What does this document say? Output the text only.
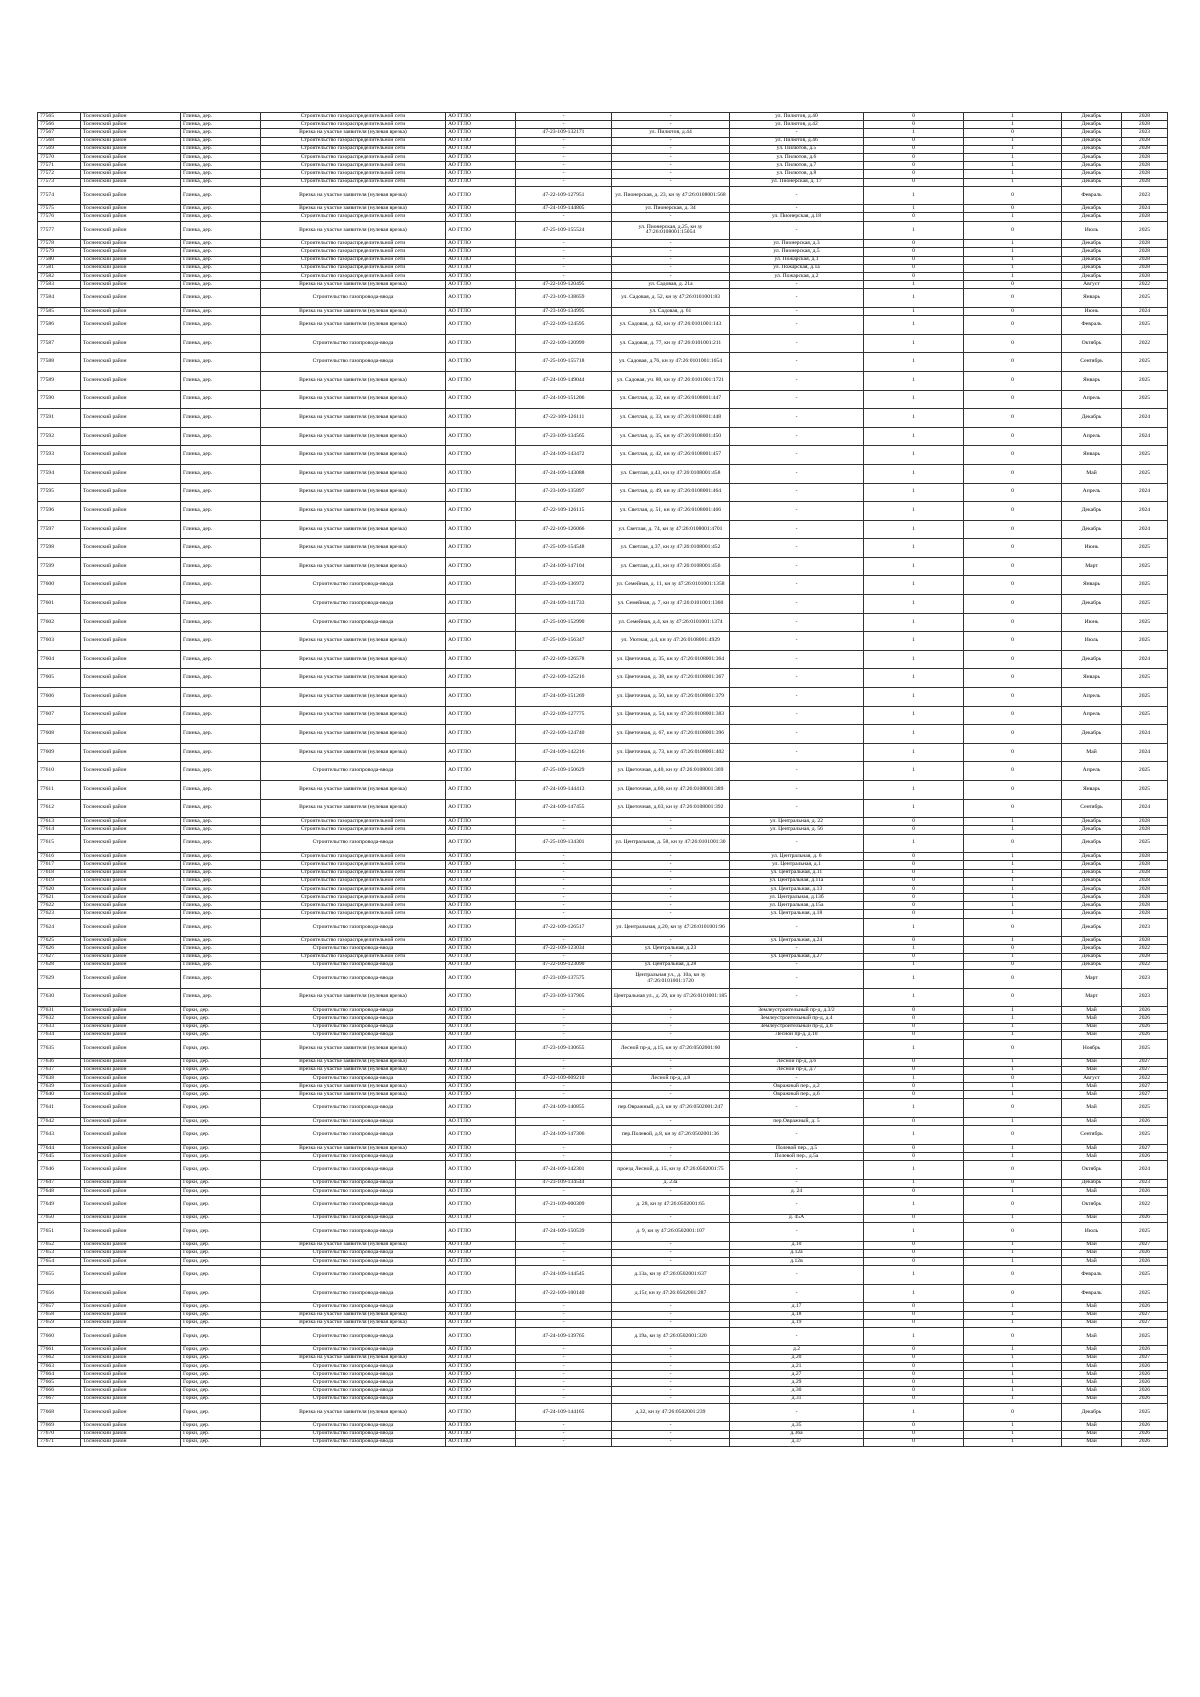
77565	Тосненский район	Глинка, дер.	Строительство газораспределительной сети	АО ГГЛО	-	-	ул. Пилютов, д.40	0	1	Декабрь	2028
77566	Тосненский район	Глинка, дер.	Строительство газораспределительной сети	АО ГГЛО	-	-	ул. Пилютов, д.42	0	1	Декабрь	2028
77567	Тосненский район	Глинка, дер.	Врезка на участке заявителя (нулевая врезка)	АО ГГЛО	47-23-109-132171	ул. Пилютов, д.44	-	1	0	Декабрь	2023
77568	Тосненский район	Глинка, дер.	Строительство газораспределительной сети	АО ГГЛО	-	-	ул. Пилютов, д.46	0	1	Декабрь	2028
77569	Тосненский район	Глинка, дер.	Строительство газораспределительной сети	АО ГГЛО	-	-	ул. Пилютов, д.5	0	1	Декабрь	2028
77570	Тосненский район	Глинка, дер.	Строительство газораспределительной сети	АО ГГЛО	-	-	ул. Пилютов, д.6	0	1	Декабрь	2028
77571	Тосненский район	Глинка, дер.	Строительство газораспределительной сети	АО ГГЛО	-	-	ул. Пилютов, д.7	0	1	Декабрь	2028
77572	Тосненский район	Глинка, дер.	Строительство газораспределительной сети	АО ГГЛО	-	-	ул. Пилютов, д.8	0	1	Декабрь	2028
77573	Тосненский район	Глинка, дер.	Строительство газораспределительной сети	АО ГГЛО	-	-	ул. Пионерская, д. 17	0	1	Декабрь	2028
77574	Тосненский район	Глинка, дер.	Врезка на участке заявителя (нулевая врезка)	АО ГГЛО	47-22-109-127951	ул. Пионерская, д. 23, кн зу 47:26:0108001:568	-	1	0	Февраль	2023
77575	Тосненский район	Глинка, дер.	Врезка на участке заявителя (нулевая врезка)	АО ГГЛО	47-24-109-144805	ул. Пионерская, д. 34	-	1	0	Декабрь	2024
77576	Тосненский район	Глинка, дер.	Строительство газораспределительной сети	АО ГГЛО	-	-	ул. Пионерская, д.18	0	1	Декабрь	2028
77577	Тосненский район	Глинка, дер.	Врезка на участке заявителя (нулевая врезка)	АО ГГЛО	47-25-109-155524	ул. Пионерская, д.25, кн зу 47:26:0108001:15054	-	1	0	Июль	2025
77578	Тосненский район	Глинка, дер.	Строительство газораспределительной сети	АО ГГЛО	-	-	ул. Пионерская, д.3	0	1	Декабрь	2028
77579	Тосненский район	Глинка, дер.	Строительство газораспределительной сети	АО ГГЛО	-	-	ул. Пионерская, д.5	0	1	Декабрь	2028
77580	Тосненский район	Глинка, дер.	Строительство газораспределительной сети	АО ГГЛО	-	-	ул. Пожарская, д.1	0	1	Декабрь	2028
77581	Тосненский район	Глинка, дер.	Строительство газораспределительной сети	АО ГГЛО	-	-	ул. Пожарская, д.1а	0	1	Декабрь	2028
77582	Тосненский район	Глинка, дер.	Строительство газораспределительной сети	АО ГГЛО	-	-	ул. Пожарская, д.2	0	1	Декабрь	2028
77583	Тосненский район	Глинка, дер.	Врезка на участке заявителя (нулевая врезка)	АО ГГЛО	47-22-109-120495	ул. Садовая, д. 21а	-	1	0	Август	2022
77584	Тосненский район	Глинка, дер.	Строительство газопровода-ввода	АО ГГЛО	47-23-109-138659	ул. Садовая, д. 52, кн зу 47:26:0101001:83	-	1	0	Январь	2025
77585	Тосненский район	Глинка, дер.	Врезка на участке заявителя (нулевая врезка)	АО ГГЛО	47-23-109-134995	ул. Садовая, д. 61	-	1	0	Июнь	2024
77586	Тосненский район	Глинка, дер.	Врезка на участке заявителя (нулевая врезка)	АО ГГЛО	47-22-109-124595	ул. Садовая, д. 62, кн зу 47:26:0101001:143	-	1	0	Февраль	2025
77587	Тосненский район	Глинка, дер.	Строительство газопровода-ввода	АО ГГЛО	47-22-109-120999	ул. Садовая, д. 77, кн зу 47:26:0101001:211	-	1	0	Октябрь	2022
77588	Тосненский район	Глинка, дер.	Строительство газопровода-ввода	АО ГГЛО	47-25-109-155718	ул. Садовая, д.76, кн зу 47:26:0101001:1654	-	1	0	Сентябрь	2025
77589	Тосненский район	Глинка, дер.	Врезка на участке заявителя (нулевая врезка)	АО ГГЛО	47-24-109-149044	ул. Садовая, уч. 80, кн зу 47:26:0101001:1721	-	1	0	Январь	2025
77590	Тосненский район	Глинка, дер.	Врезка на участке заявителя (нулевая врезка)	АО ГГЛО	47-24-109-151206	ул. Светлая, д. 32, кн зу 47:26:0108001:447	-	1	0	Апрель	2025
77591	Тосненский район	Глинка, дер.	Врезка на участке заявителя (нулевая врезка)	АО ГГЛО	47-22-109-126111	ул. Светлая, д. 33, кн зу 47:26:0108001:448	-	1	0	Декабрь	2024
77592	Тосненский район	Глинка, дер.	Врезка на участке заявителя (нулевая врезка)	АО ГГЛО	47-23-109-134565	ул. Светлая, д. 35, кн зу 47:26:0108001:450	-	1	0	Апрель	2024
77593	Тосненский район	Глинка, дер.	Врезка на участке заявителя (нулевая врезка)	АО ГГЛО	47-24-109-143472	ул. Светлая, д. 42, кн зу 47:26:0108001:457	-	1	0	Январь	2025
77594	Тосненский район	Глинка, дер.	Врезка на участке заявителя (нулевая врезка)	АО ГГЛО	47-24-109-143088	ул. Светлая, д.43, кн зу 47:26:0108001:458	-	1	0	Май	2025
77595	Тосненский район	Глинка, дер.	Врезка на участке заявителя (нулевая врезка)	АО ГГЛО	47-23-109-135897	ул. Светлая, д. 49, кн зу 47:26:0108001:464	-	1	0	Апрель	2024
77596	Тосненский район	Глинка, дер.	Врезка на участке заявителя (нулевая врезка)	АО ГГЛО	47-22-109-126115	ул. Светлая, д. 51, кн зу 47:26:0108001:466	-	1	0	Декабрь	2024
77597	Тосненский район	Глинка, дер.	Врезка на участке заявителя (нулевая врезка)	АО ГГЛО	47-22-109-126066	ул. Светлая, д. 74, кн зу 47:26:0108001:4701	-	1	0	Декабрь	2024
77598	Тосненский район	Глинка, дер.	Врезка на участке заявителя (нулевая врезка)	АО ГГЛО	47-25-109-154548	ул. Светлая, д.37, кн зу 47:26:0108001:452	-	1	0	Июнь	2025
77599	Тосненский район	Глинка, дер.	Врезка на участке заявителя (нулевая врезка)	АО ГГЛО	47-24-109-147104	ул. Светлая, д.41, кн зу 47:26:0108001:456	-	1	0	Март	2025
77600	Тосненский район	Глинка, дер.	Строительство газопровода-ввода	АО ГГЛО	47-23-109-136972	ул. Семейная, д. 11, кн зу 47:26:0101001:1358	-	1	0	Январь	2025
77601	Тосненский район	Глинка, дер.	Строительство газопровода-ввода	АО ГГЛО	47-24-109-141733	ул. Семейная, д. 7, кн зу 47:26:0101001:1360	-	1	0	Декабрь	2025
77602	Тосненский район	Глинка, дер.	Строительство газопровода-ввода	АО ГГЛО	47-25-109-152990	ул. Семейная, д.4, кн зу 47:26:0101001:1374	-	1	0	Июнь	2025
77603	Тосненский район	Глинка, дер.	Врезка на участке заявителя (нулевая врезка)	АО ГГЛО	47-25-109-156347	ул. Уютная, д.4, кн зу 47:26:0108001:4929	-	1	0	Июль	2025
77604	Тосненский район	Глинка, дер.	Врезка на участке заявителя (нулевая врезка)	АО ГГЛО	47-22-109-126578	ул. Цветочная, д. 35, кн зу 47:26:0108001:364	-	1	0	Декабрь	2024
77605	Тосненский район	Глинка, дер.	Врезка на участке заявителя (нулевая врезка)	АО ГГЛО	47-22-109-125216	ул. Цветочная, д. 38, кн зу 47:26:0108001:367	-	1	0	Январь	2025
77606	Тосненский район	Глинка, дер.	Врезка на участке заявителя (нулевая врезка)	АО ГГЛО	47-24-109-151269	ул. Цветочная, д. 50, кн зу 47:26:0108001:379	-	1	0	Апрель	2025
77607	Тосненский район	Глинка, дер.	Врезка на участке заявителя (нулевая врезка)	АО ГГЛО	47-22-109-127775	ул. Цветочная, д. 54, кн зу 47:26:0108001:383	-	1	0	Апрель	2025
77608	Тосненский район	Глинка, дер.	Врезка на участке заявителя (нулевая врезка)	АО ГГЛО	47-22-109-124740	ул. Цветочная, д. 67, кн зу 47:26:0108001:396	-	1	0	Декабрь	2024
77609	Тосненский район	Глинка, дер.	Врезка на участке заявителя (нулевая врезка)	АО ГГЛО	47-24-109-142216	ул. Цветочная, д. 73, кн зу 47:26:0108001:402	-	1	0	Май	2024
77610	Тосненский район	Глинка, дер.	Строительство газопровода-ввода	АО ГГЛО	47-25-109-150629	ул. Цветочная, д.40, кн зу 47:26:0108001:369	-	1	0	Апрель	2025
77611	Тосненский район	Глинка, дер.	Врезка на участке заявителя (нулевая врезка)	АО ГГЛО	47-24-109-144413	ул. Цветочная, д.60, кн зу 47:26:0108001:389	-	1	0	Январь	2025
77612	Тосненский район	Глинка, дер.	Врезка на участке заявителя (нулевая врезка)	АО ГГЛО	47-24-109-147455	ул. Цветочная, д.63, кн зу 47:26:0108001:392	-	1	0	Сентябрь	2024
77613	Тосненский район	Глинка, дер.	Строительство газораспределительной сети	АО ГГЛО	-	-	ул. Центральная, д. 22	0	1	Декабрь	2028
77614	Тосненский район	Глинка, дер.	Строительство газораспределительной сети	АО ГГЛО	-	-	ул. Центральная, д. 56	0	1	Декабрь	2028
77615	Тосненский район	Глинка, дер.	Строительство газопровода-ввода	АО ГГЛО	47-25-109-134301	ул. Центральная, д. 58, кн зу 47:26:0101001:30	-	1	0	Декабрь	2025
77616	Тосненский район	Глинка, дер.	Строительство газораспределительной сети	АО ГГЛО	-	-	ул. Центральная, д. 6	0	1	Декабрь	2028
77617	Тосненский район	Глинка, дер.	Строительство газораспределительной сети	АО ГГЛО	-	-	ул. Центральная, д.1	0	1	Декабрь	2028
77618	Тосненский район	Глинка, дер.	Строительство газораспределительной сети	АО ГГЛО	-	-	ул. Центральная, д.11	0	1	Декабрь	2028
77619	Тосненский район	Глинка, дер.	Строительство газораспределительной сети	АО ГГЛО	-	-	ул. Центральная, д.11а	0	1	Декабрь	2028
77620	Тосненский район	Глинка, дер.	Строительство газораспределительной сети	АО ГГЛО	-	-	ул. Центральная, д.13	0	1	Декабрь	2028
77621	Тосненский район	Глинка, дер.	Строительство газораспределительной сети	АО ГГЛО	-	-	ул. Центральная, д.13б	0	1	Декабрь	2028
77622	Тосненский район	Глинка, дер.	Строительство газораспределительной сети	АО ГГЛО	-	-	ул. Центральная, д.15а	0	1	Декабрь	2028
77623	Тосненский район	Глинка, дер.	Строительство газораспределительной сети	АО ГГЛО	-	-	ул. Центральная, д.18	0	1	Декабрь	2028
77624	Тосненский район	Глинка, дер.	Строительство газопровода-ввода	АО ГГЛО	47-22-109-126517	ул. Центральная, д.20, кн зу 47:26:0101001:96	-	1	0	Декабрь	2023
77625	Тосненский район	Глинка, дер.	Строительство газораспределительной сети	АО ГГЛО	-	-	ул. Центральная, д.24	0	1	Декабрь	2028
77626	Тосненский район	Глинка, дер.	Строительство газопровода-ввода	АО ГГЛО	47-22-109-123034	ул. Центральная, д.23	-	1	0	Декабрь	2022
77627	Тосненский район	Глинка, дер.	Строительство газораспределительной сети	АО ГГЛО	-	-	ул. Центральная, д.27	0	1	Декабрь	2028
77628	Тосненский район	Глинка, дер.	Строительство газопровода-ввода	АО ГГЛО	47-22-109-123090	ул. Центральная, д.28	-	1	0	Декабрь	2022
77629	Тосненский район	Глинка, дер.	Строительство газопровода-ввода	АО ГГЛО	47-23-109-137575	Центральная ул., д. 10а, кн зу 47:26:0101001:1720	-	1	0	Март	2023
77630	Тосненский район	Глинка, дер.	Врезка на участке заявителя (нулевая врезка)	АО ГГЛО	47-23-109-137905	Центральная ул., д. 29, кн зу 47:26:0101001:185	-	1	0	Март	2023
77631	Тосненский район	Горки, дер.	Строительство газопровода-ввода	АО ГГЛО	-	-	Землеустроительный пр-д, д.3/2	0	1	Май	2026
77632	Тосненский район	Горки, дер.	Строительство газопровода-ввода	АО ГГЛО	-	-	Землеустроительный пр-д, д.4	0	1	Май	2026
77633	Тосненский район	Горки, дер.	Строительство газопровода-ввода	АО ГГЛО	-	-	Землеустроительный пр-д, д.6	0	1	Май	2026
77634	Тосненский район	Горки, дер.	Строительство газопровода-ввода	АО ГГЛО	-	-	Лесной пр-д, д.10	0	1	Май	2026
77635	Тосненский район	Горки, дер.	Врезка на участке заявителя (нулевая врезка)	АО ГГЛО	47-23-109-130655	Лесной пр-д, д.15, кн зу 47:26:0502001:60	-	1	0	Ноябрь	2025
77636	Тосненский район	Горки, дер.	Врезка на участке заявителя (нулевая врезка)	АО ГГЛО	-	-	Лесной пр-д, д.6	0	1	Май	2027
77637	Тосненский район	Горки, дер.	Врезка на участке заявителя (нулевая врезка)	АО ГГЛО	-	-	Лесной пр-д, д.7	0	1	Май	2027
77638	Тосненский район	Горки, дер.	Строительство газопровода-ввода	АО ГГЛО	47-22-109-009210	Лесной пр-д, д.8	-	1	0	Август	2022
77639	Тосненский район	Горки, дер.	Врезка на участке заявителя (нулевая врезка)	АО ГГЛО	-	-	Овражный пер., д.2	0	1	Май	2027
77640	Тосненский район	Горки, дер.	Врезка на участке заявителя (нулевая врезка)	АО ГГЛО	-	-	Овражный пер., д.6	0	1	Май	2027
77641	Тосненский район	Горки, дер.	Строительство газопровода-ввода	АО ГГЛО	47-24-109-140855	пер.Овражный, д.3, кн зу 47:26:0502001:247	-	1	0	Май	2025
77642	Тосненский район	Горки, дер.	Строительство газопровода-ввода	АО ГГЛО	-	-	пер.Овражный, д. 5	0	1	Май	2026
77643	Тосненский район	Горки, дер.	Строительство газопровода-ввода	АО ГГЛО	47-24-109-147306	пер.Полевой, д.8, кн зу 47:26:0502001:36	-	1	0	Сентябрь	2025
77644	Тосненский район	Горки, дер.	Врезка на участке заявителя (нулевая врезка)	АО ГГЛО	-	-	Полевой пер., д.5	0	1	Май	2027
77645	Тосненский район	Горки, дер.	Строительство газопровода-ввода	АО ГГЛО	-	-	Полевой пер., д.5а	0	1	Май	2026
77646	Тосненский район	Горки, дер.	Строительство газопровода-ввода	АО ГГЛО	47-24-109-142301	проезд Лесной, д. 15, кн зу 47:26:0502001:75	-	1	0	Октябрь	2024
77647	Тосненский район	Горки, дер.	Строительство газопровода-ввода	АО ГГЛО	47-23-109-134544	д. 23а	-	1	0	Декабрь	2023
77648	Тосненский район	Горки, дер.	Строительство газопровода-ввода	АО ГГЛО	-	-	д. 24	0	1	Май	2026
77649	Тосненский район	Горки, дер.	Строительство газопровода-ввода	АО ГГЛО	47-21-109-000309	д. 28, кн зу 47:26:0502001:65	-	1	0	Октябрь	2022
77650	Тосненский район	Горки, дер.	Строительство газопровода-ввода	АО ГГЛО	-	-	д. 45А	0	1	Май	2026
77651	Тосненский район	Горки, дер.	Строительство газопровода-ввода	АО ГГЛО	47-24-109-150539	д. 9, кн зу 47:26:0502001:107	-	1	0	Июль	2025
77652	Тосненский район	Горки, дер.	Врезка на участке заявителя (нулевая врезка)	АО ГГЛО	-	-	д.10	0	1	Май	2027
77653	Тосненский район	Горки, дер.	Строительство газопровода-ввода	АО ГГЛО	-	-	д.12а	0	1	Май	2026
77654	Тосненский район	Горки, дер.	Строительство газопровода-ввода	АО ГГЛО	-	-	д.12в	0	1	Май	2026
77655	Тосненский район	Горки, дер.	Строительство газопровода-ввода	АО ГГЛО	47-24-109-144545	д.13а, кн зу 47:26:0502001:637	-	1	0	Февраль	2025
77656	Тосненский район	Горки, дер.	Строительство газопровода-ввода	АО ГГЛО	47-22-109-100140	д.15г, кн зу 47:26:0502001:287	-	1	0	Февраль	2025
77657	Тосненский район	Горки, дер.	Строительство газопровода-ввода	АО ГГЛО	-	-	д.17	0	1	Май	2026
77658	Тосненский район	Горки, дер.	Врезка на участке заявителя (нулевая врезка)	АО ГГЛО	-	-	д.18	0	1	Май	2027
77659	Тосненский район	Горки, дер.	Врезка на участке заявителя (нулевая врезка)	АО ГГЛО	-	-	д.19	0	1	Май	2027
77660	Тосненский район	Горки, дер.	Строительство газопровода-ввода	АО ГГЛО	47-24-109-139765	д.19а, кн зу 47:26:0502001:320	-	1	0	Май	2025
77661	Тосненский район	Горки, дер.	Строительство газопровода-ввода	АО ГГЛО	-	-	д.2	0	1	Май	2026
77662	Тосненский район	Горки, дер.	Врезка на участке заявителя (нулевая врезка)	АО ГГЛО	-	-	д.20	0	1	Май	2027
77663	Тосненский район	Горки, дер.	Строительство газопровода-ввода	АО ГГЛО	-	-	д.21	0	1	Май	2026
77664	Тосненский район	Горки, дер.	Строительство газопровода-ввода	АО ГГЛО	-	-	д.27	0	1	Май	2026
77665	Тосненский район	Горки, дер.	Строительство газопровода-ввода	АО ГГЛО	-	-	д.29	0	1	Май	2026
77666	Тосненский район	Горки, дер.	Строительство газопровода-ввода	АО ГГЛО	-	-	д.30	0	1	Май	2026
77667	Тосненский район	Горки, дер.	Строительство газопровода-ввода	АО ГГЛО	-	-	д.31	0	1	Май	2026
77668	Тосненский район	Горки, дер.	Врезка на участке заявителя (нулевая врезка)	АО ГГЛО	47-24-109-144165	д.32, кн зу 47:26:0502001:239	-	1	0	Декабрь	2025
77669	Тосненский район	Горки, дер.	Строительство газопровода-ввода	АО ГГЛО	-	-	д.35	0	1	Май	2026
77670	Тосненский район	Горки, дер.	Строительство газопровода-ввода	АО ГГЛО	-	-	д.36а	0	1	Май	2026
77671	Тосненский район	Горки, дер.	Строительство газопровода-ввода	АО ГГЛО	-	-	д.37	0	1	Май	2026
